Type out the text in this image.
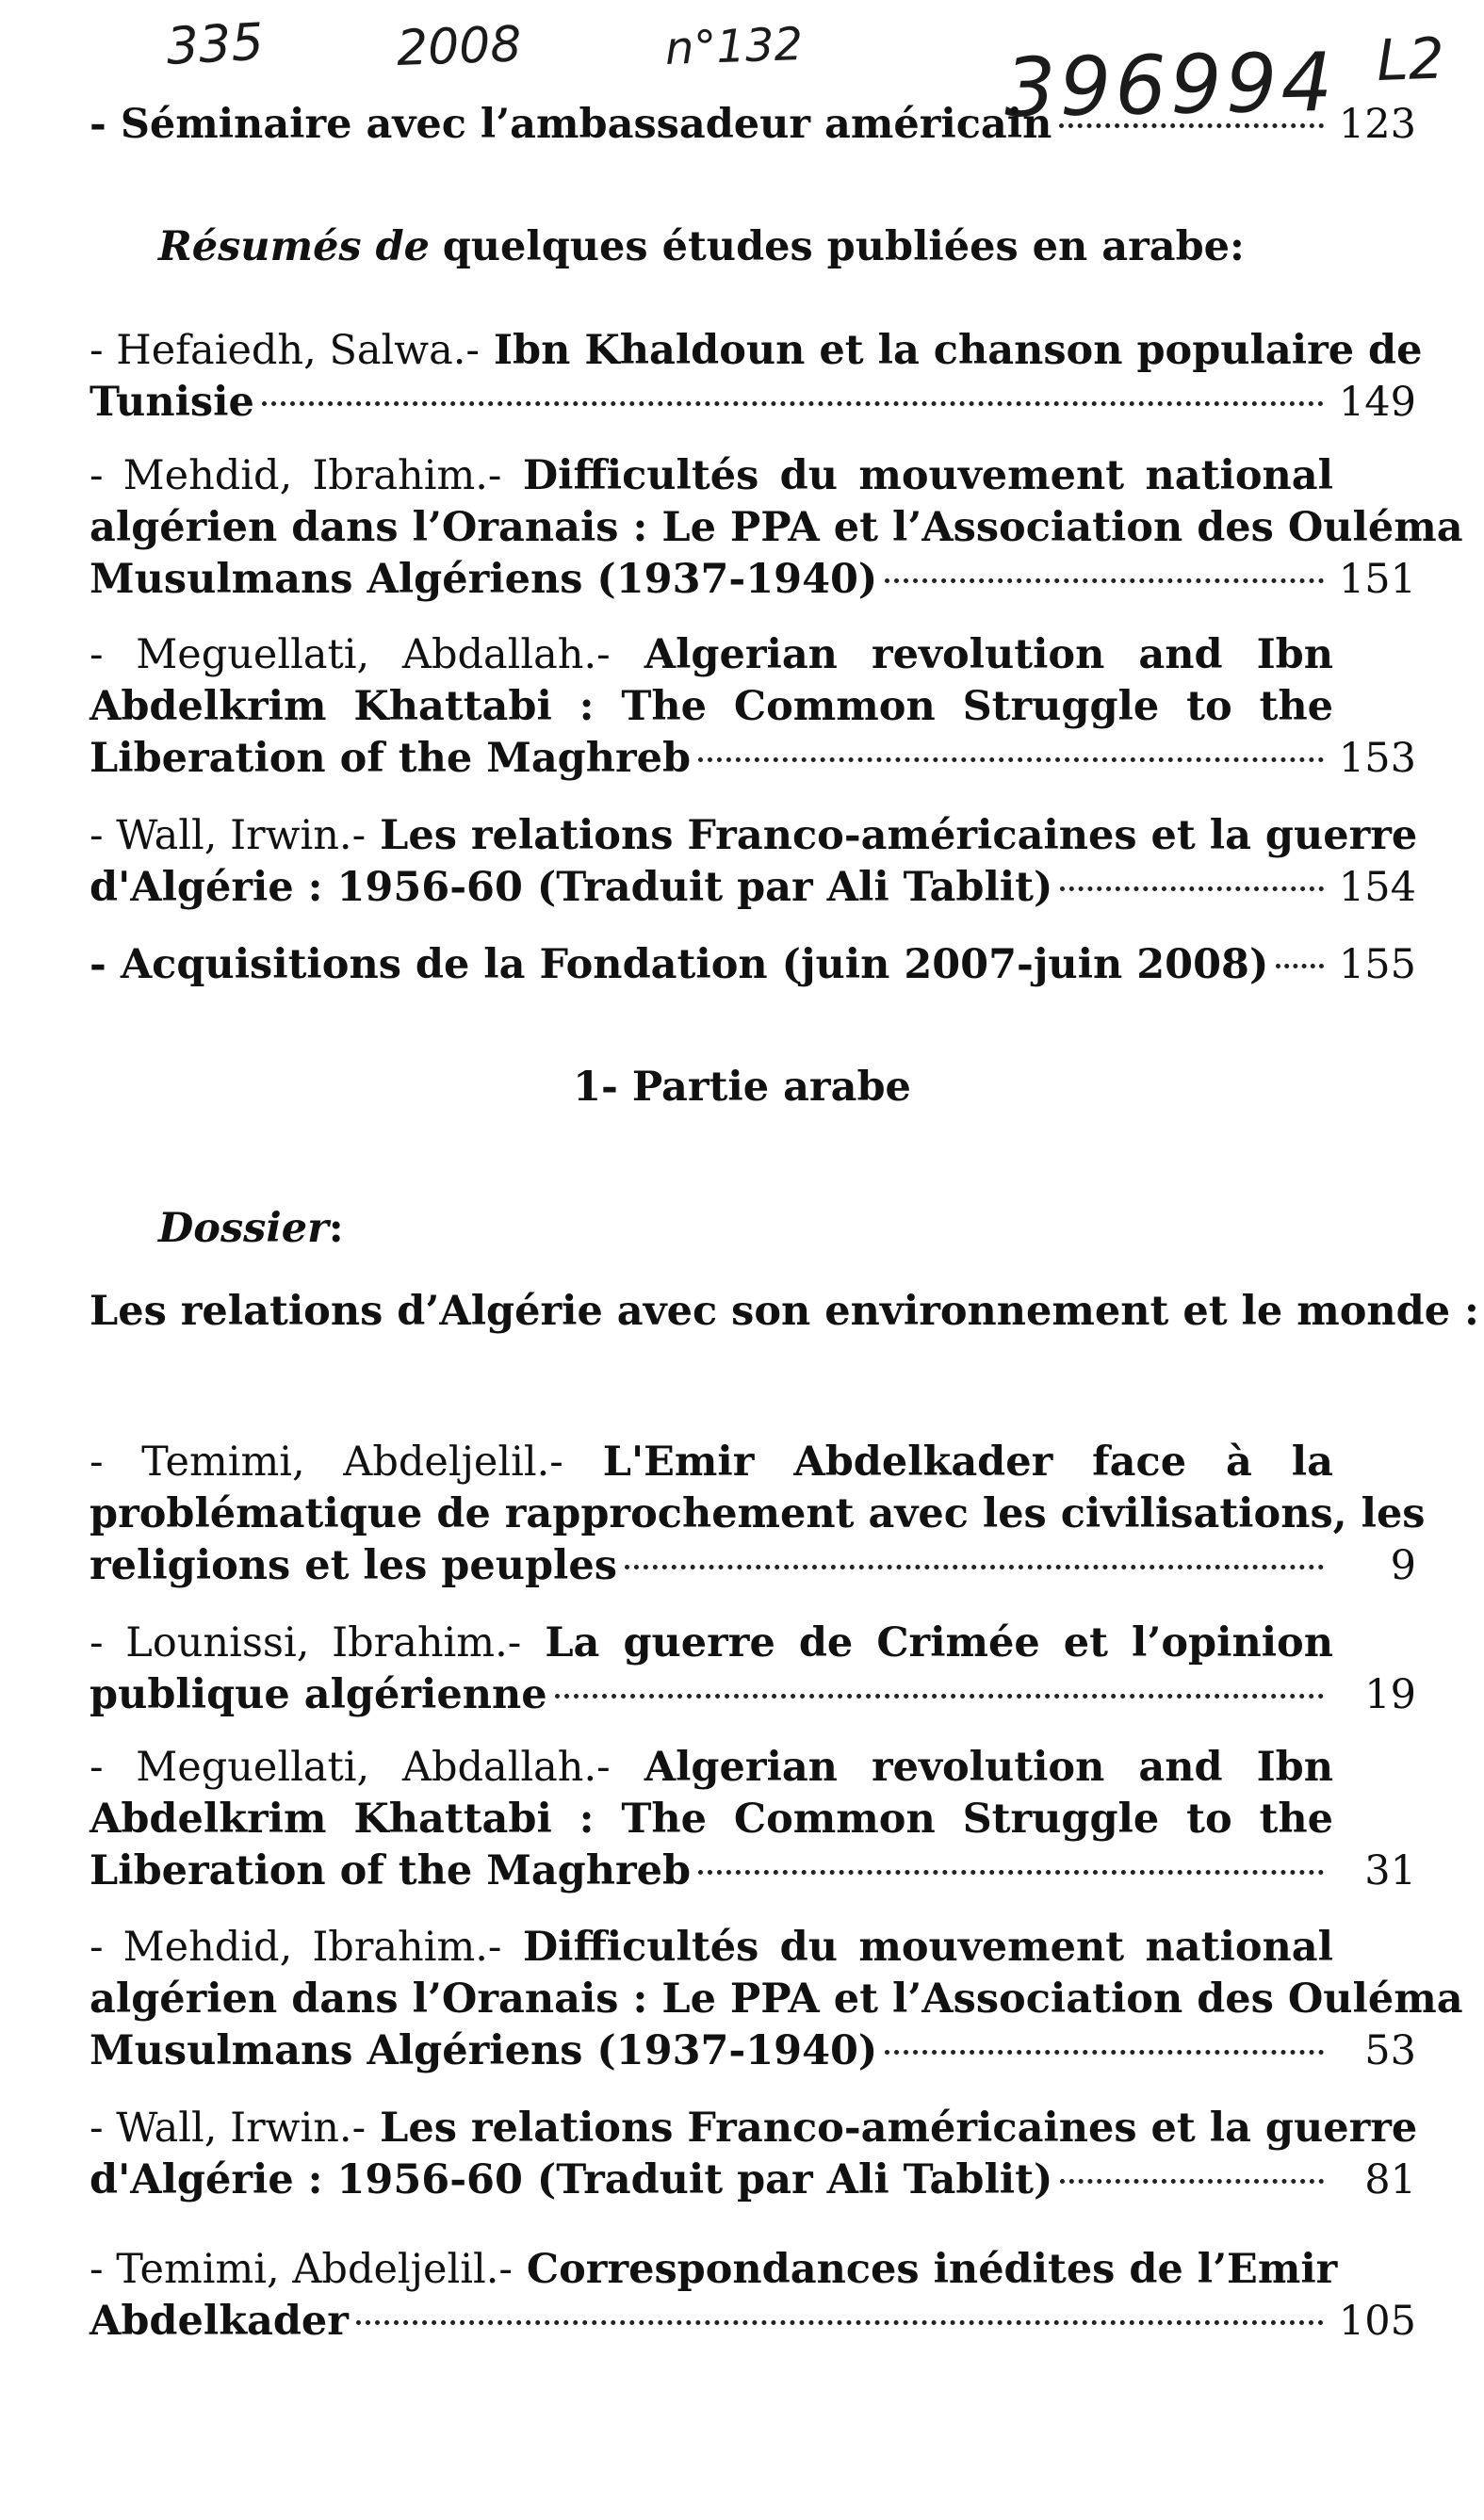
335	2008	n°132 396994 L2
- Séminaire avec l’ambassadeur américain	123
Résumés de quelques études publiées en arabe:
- Hefaiedh, Salwa.- Ibn Khaldoun et la chanson populaire de
Tunisie	149
- Mehdid, Ibrahim.- Difficultés du mouvement national
algérien dans l’Oranais : Le PPA et l’Association des Ouléma
Musulmans Algériens (1937-1940)	151
- Meguellati, Abdallah.- Algerian revolution and Ibn
Abdelkrim Khattabi : The Common Struggle to the
Liberation of the Maghreb	153
- Wall, Irwin.- Les relations Franco-américaines et la guerre
d'Algérie : 1956-60 (Traduit par Ali Tablit)	154
- Acquisitions de la Fondation (juin 2007-juin 2008) 155
1- Partie arabe
Dossier:
Les relations d’Algérie avec son environnement et le monde :
- Temimi, Abdeljelil.- L'Emir Abdelkader face à la
problématique de rapprochement avec les civilisations, les
religions et les peuples	9
- Lounissi, Ibrahim.- La guerre de Crimée et l’opinion
publique algérienne	19
- Meguellati, Abdallah.- Algerian revolution and Ibn
Abdelkrim Khattabi : The Common Struggle to the
Liberation of the Maghreb	31
- Mehdid, Ibrahim.- Difficultés du mouvement national
algérien dans l’Oranais : Le PPA et l’Association des Ouléma
Musulmans Algériens (1937-1940)	53
- Wall, Irwin.- Les relations Franco-américaines et la guerre
d'Algérie : 1956-60 (Traduit par Ali Tablit)	81
- Temimi, Abdeljelil.- Correspondances inédites de l’Emir
Abdelkader	105
